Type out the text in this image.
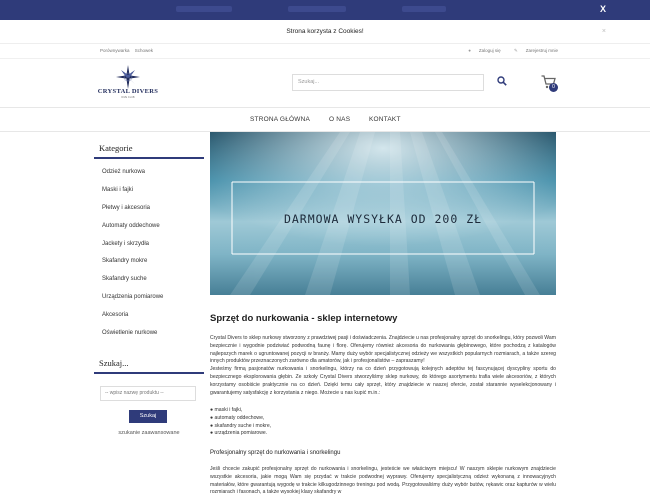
X
Strona korzysta z Cookies!	×
Porównywarka Schowek	● Zaloguj się	✎ Zarejestruj mnie
CRYSTAL DIVERS
DIVE CLUB
Szukaj...
0
STRONA GŁÓWNA	O NAS	KONTAKT
Kategorie
Odzież nurkowa
Maski i fajki
Płetwy i akcesoria
Automaty oddechowe
Jackety i skrzydła
Skafandry mokre
Skafandry suche
Urządzenia pomiarowe
Akcesoria
Oświetlenie nurkowe
Szukaj...
-- wpisz nazwę produktu --
Szukaj
szukanie zaawansowane
DARMOWA WYSYŁKA OD 200 ZŁ
Sprzęt do nurkowania - sklep internetowy
Crystal Divers to sklep nurkowy stworzony z prawdziwej pasji i doświadczenia. Znajdziecie u nas profesjonalny sprzęt do snorkelingu, który pozwoli Wam bezpiecznie i wygodnie podziwiać podwodną faunę i florę. Oferujemy również akcesoria do nurkowania głębinowego, które pochodzą z katalogów najlepszych marek o ugruntowanej pozycji w branży. Mamy duży wybór specjalistycznej odzieży we wszystkich popularnych rozmiarach, a także szereg innych produktów przeznaczonych zarówno dla amatorów, jak i profesjonalistów – zapraszamy!
Jesteśmy firmą pasjonatów nurkowania i snorkelingu, którzy na co dzień przygotowują kolejnych adeptów tej fascynującej dyscypliny sportu do bezpiecznego eksplorowania głębin. Ze szkoły Crystal Divers stworzyliśmy sklep nurkowy, do którego asortymentu trafia wiele akcesoriów, z których korzystamy osobiście praktycznie na co dzień. Dzięki temu cały sprzęt, który znajdziecie w naszej ofercie, został starannie wyselekcjonowany i gwarantujemy satysfakcję z korzystania z niego. Możecie u nas kupić m.in.:
● maski i fajki,
● automaty oddechowe,
● skafandry suche i mokre,
● urządzenia pomiarowe.
Profesjonalny sprzęt do nurkowania i snorkelingu
Jeśli chcecie zakupić profesjonalny sprzęt do nurkowania i snorkelingu, jesteście we właściwym miejscu! W naszym sklepie nurkowym znajdziecie wszystkie akcesoria, jakie mogą Wam się przydać w trakcie podwodnej wyprawy. Oferujemy specjalistyczną odzież wykonaną z innowacyjnych materiałów, które gwarantują wygodę w trakcie kilkugodzinnego treningu pod wodą. Przygotowaliśmy duży wybór butów, rękawic oraz kapturów w wielu rozmiarach i fasonach, a także wysokiej klasy skafandry w
